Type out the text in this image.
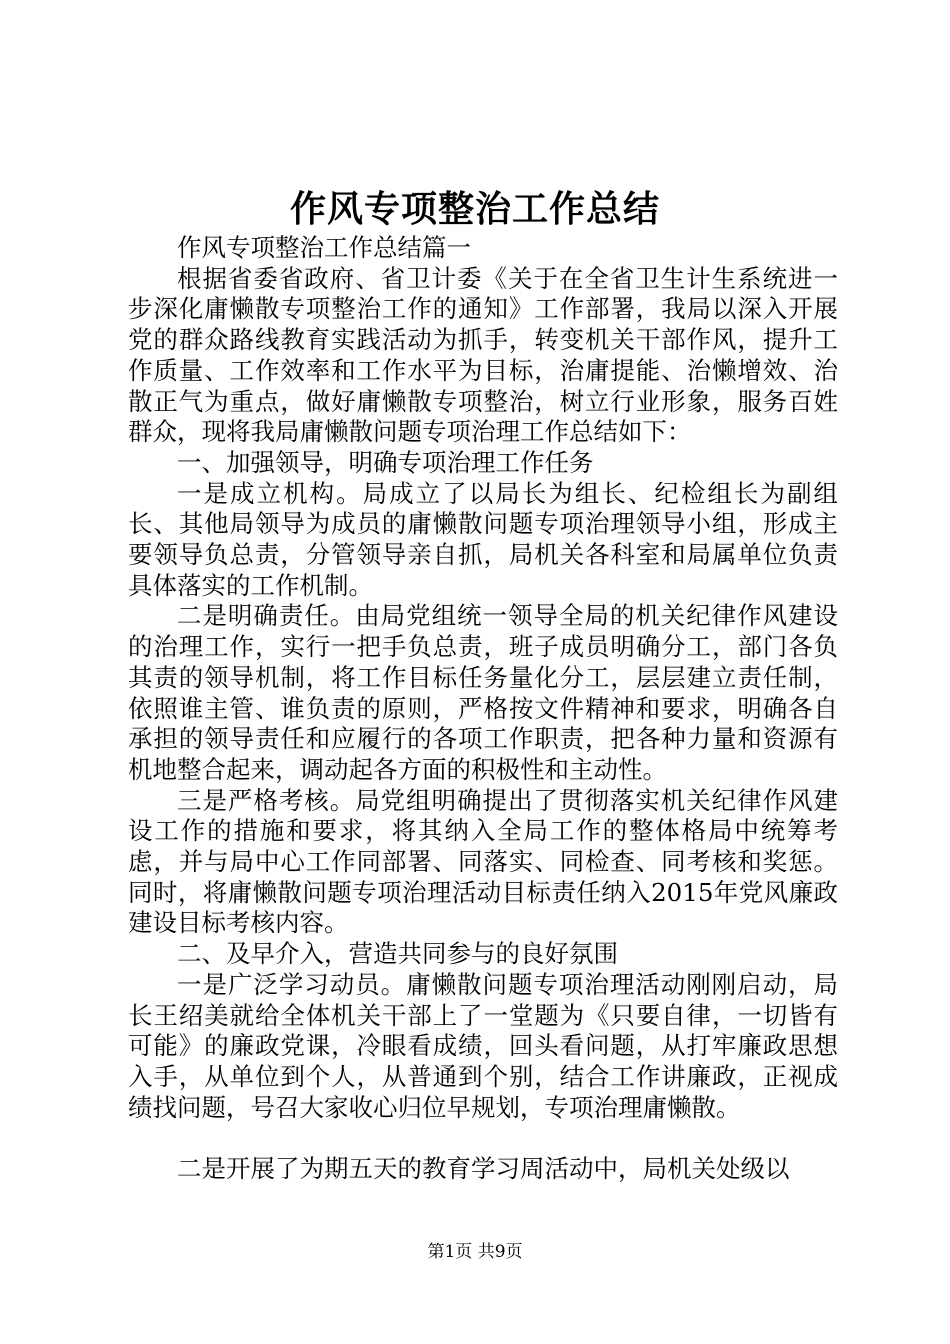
作风专项整治工作总结

作风专项整治工作总结篇一

根据省委省政府、省卫计委《关于在全省卫生计生系统进一步深化庸懒散专项整治工作的通知》工作部署，我局以深入开展党的群众路线教育实践活动为抓手，转变机关干部作风，提升工作质量、工作效率和工作水平为目标，治庸提能、治懒增效、治散正气为重点，做好庸懒散专项整治，树立行业形象，服务百姓群众，现将我局庸懒散问题专项治理工作总结如下：

一、加强领导，明确专项治理工作任务

一是成立机构。局成立了以局长为组长、纪检组长为副组长、其他局领导为成员的庸懒散问题专项治理领导小组，形成主要领导负总责，分管领导亲自抓，局机关各科室和局属单位负责具体落实的工作机制。

二是明确责任。由局党组统一领导全局的机关纪律作风建设的治理工作，实行一把手负总责，班子成员明确分工，部门各负其责的领导机制，将工作目标任务量化分工，层层建立责任制，依照谁主管、谁负责的原则，严格按文件精神和要求，明确各自承担的领导责任和应履行的各项工作职责，把各种力量和资源有机地整合起来，调动起各方面的积极性和主动性。

三是严格考核。局党组明确提出了贯彻落实机关纪律作风建设工作的措施和要求，将其纳入全局工作的整体格局中统筹考虑，并与局中心工作同部署、同落实、同检查、同考核和奖惩。同时，将庸懒散问题专项治理活动目标责任纳入2015年党风廉政建设目标考核内容。

二、及早介入，营造共同参与的良好氛围

一是广泛学习动员。庸懒散问题专项治理活动刚刚启动，局长王绍美就给全体机关干部上了一堂题为《只要自律，一切皆有可能》的廉政党课，冷眼看成绩，回头看问题，从打牢廉政思想入手，从单位到个人，从普通到个别，结合工作讲廉政，正视成绩找问题，号召大家收心归位早规划，专项治理庸懒散。

二是开展了为期五天的教育学习周活动中，局机关处级以

第1页 共9页
